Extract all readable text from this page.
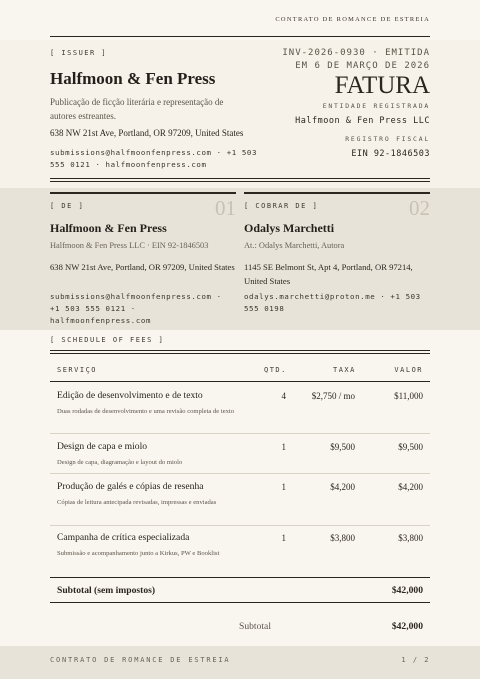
CONTRATO DE ROMANCE DE ESTREIA
[ ISSUER ]
Halfmoon & Fen Press
Publicação de ficção literária e representação de autores estreantes.
638 NW 21st Ave, Portland, OR 97209, United States
submissions@halfmoonfenpress.com · +1 503 555 0121 · halfmoonfenpress.com
INV-2026-0930 · EMITIDA
EM 6 DE MARÇO DE 2026
FATURA
ENTIDADE REGISTRADA
Halfmoon & Fen Press LLC
REGISTRO FISCAL
EIN 92-1846503
[ DE ]	01
Halfmoon & Fen Press
Halfmoon & Fen Press LLC · EIN 92-1846503
638 NW 21st Ave, Portland, OR 97209, United States
submissions@halfmoonfenpress.com · +1 503 555 0121 · halfmoonfenpress.com
[ COBRAR DE ]	02
Odalys Marchetti
At.: Odalys Marchetti, Autora
1145 SE Belmont St, Apt 4, Portland, OR 97214, United States
odalys.marchetti@proton.me · +1 503 555 0198
[ SCHEDULE OF FEES ]
SERVIÇO	QTD.	TAXA	VALOR
Edição de desenvolvimento e de texto
Duas rodadas de desenvolvimento e uma revisão completa de texto
4	$2,750 / mo	$11,000
Design de capa e miolo
Design de capa, diagramação e layout do miolo
1	$9,500	$9,500
Produção de galés e cópias de resenha
Cópias de leitura antecipada revisadas, impressas e enviadas
1	$4,200	$4,200
Campanha de crítica especializada
Submissão e acompanhamento junto a Kirkus, PW e Booklist
1	$3,800	$3,800
Subtotal (sem impostos)	$42,000
Subtotal	$42,000
CONTRATO DE ROMANCE DE ESTREIA	1 / 2
